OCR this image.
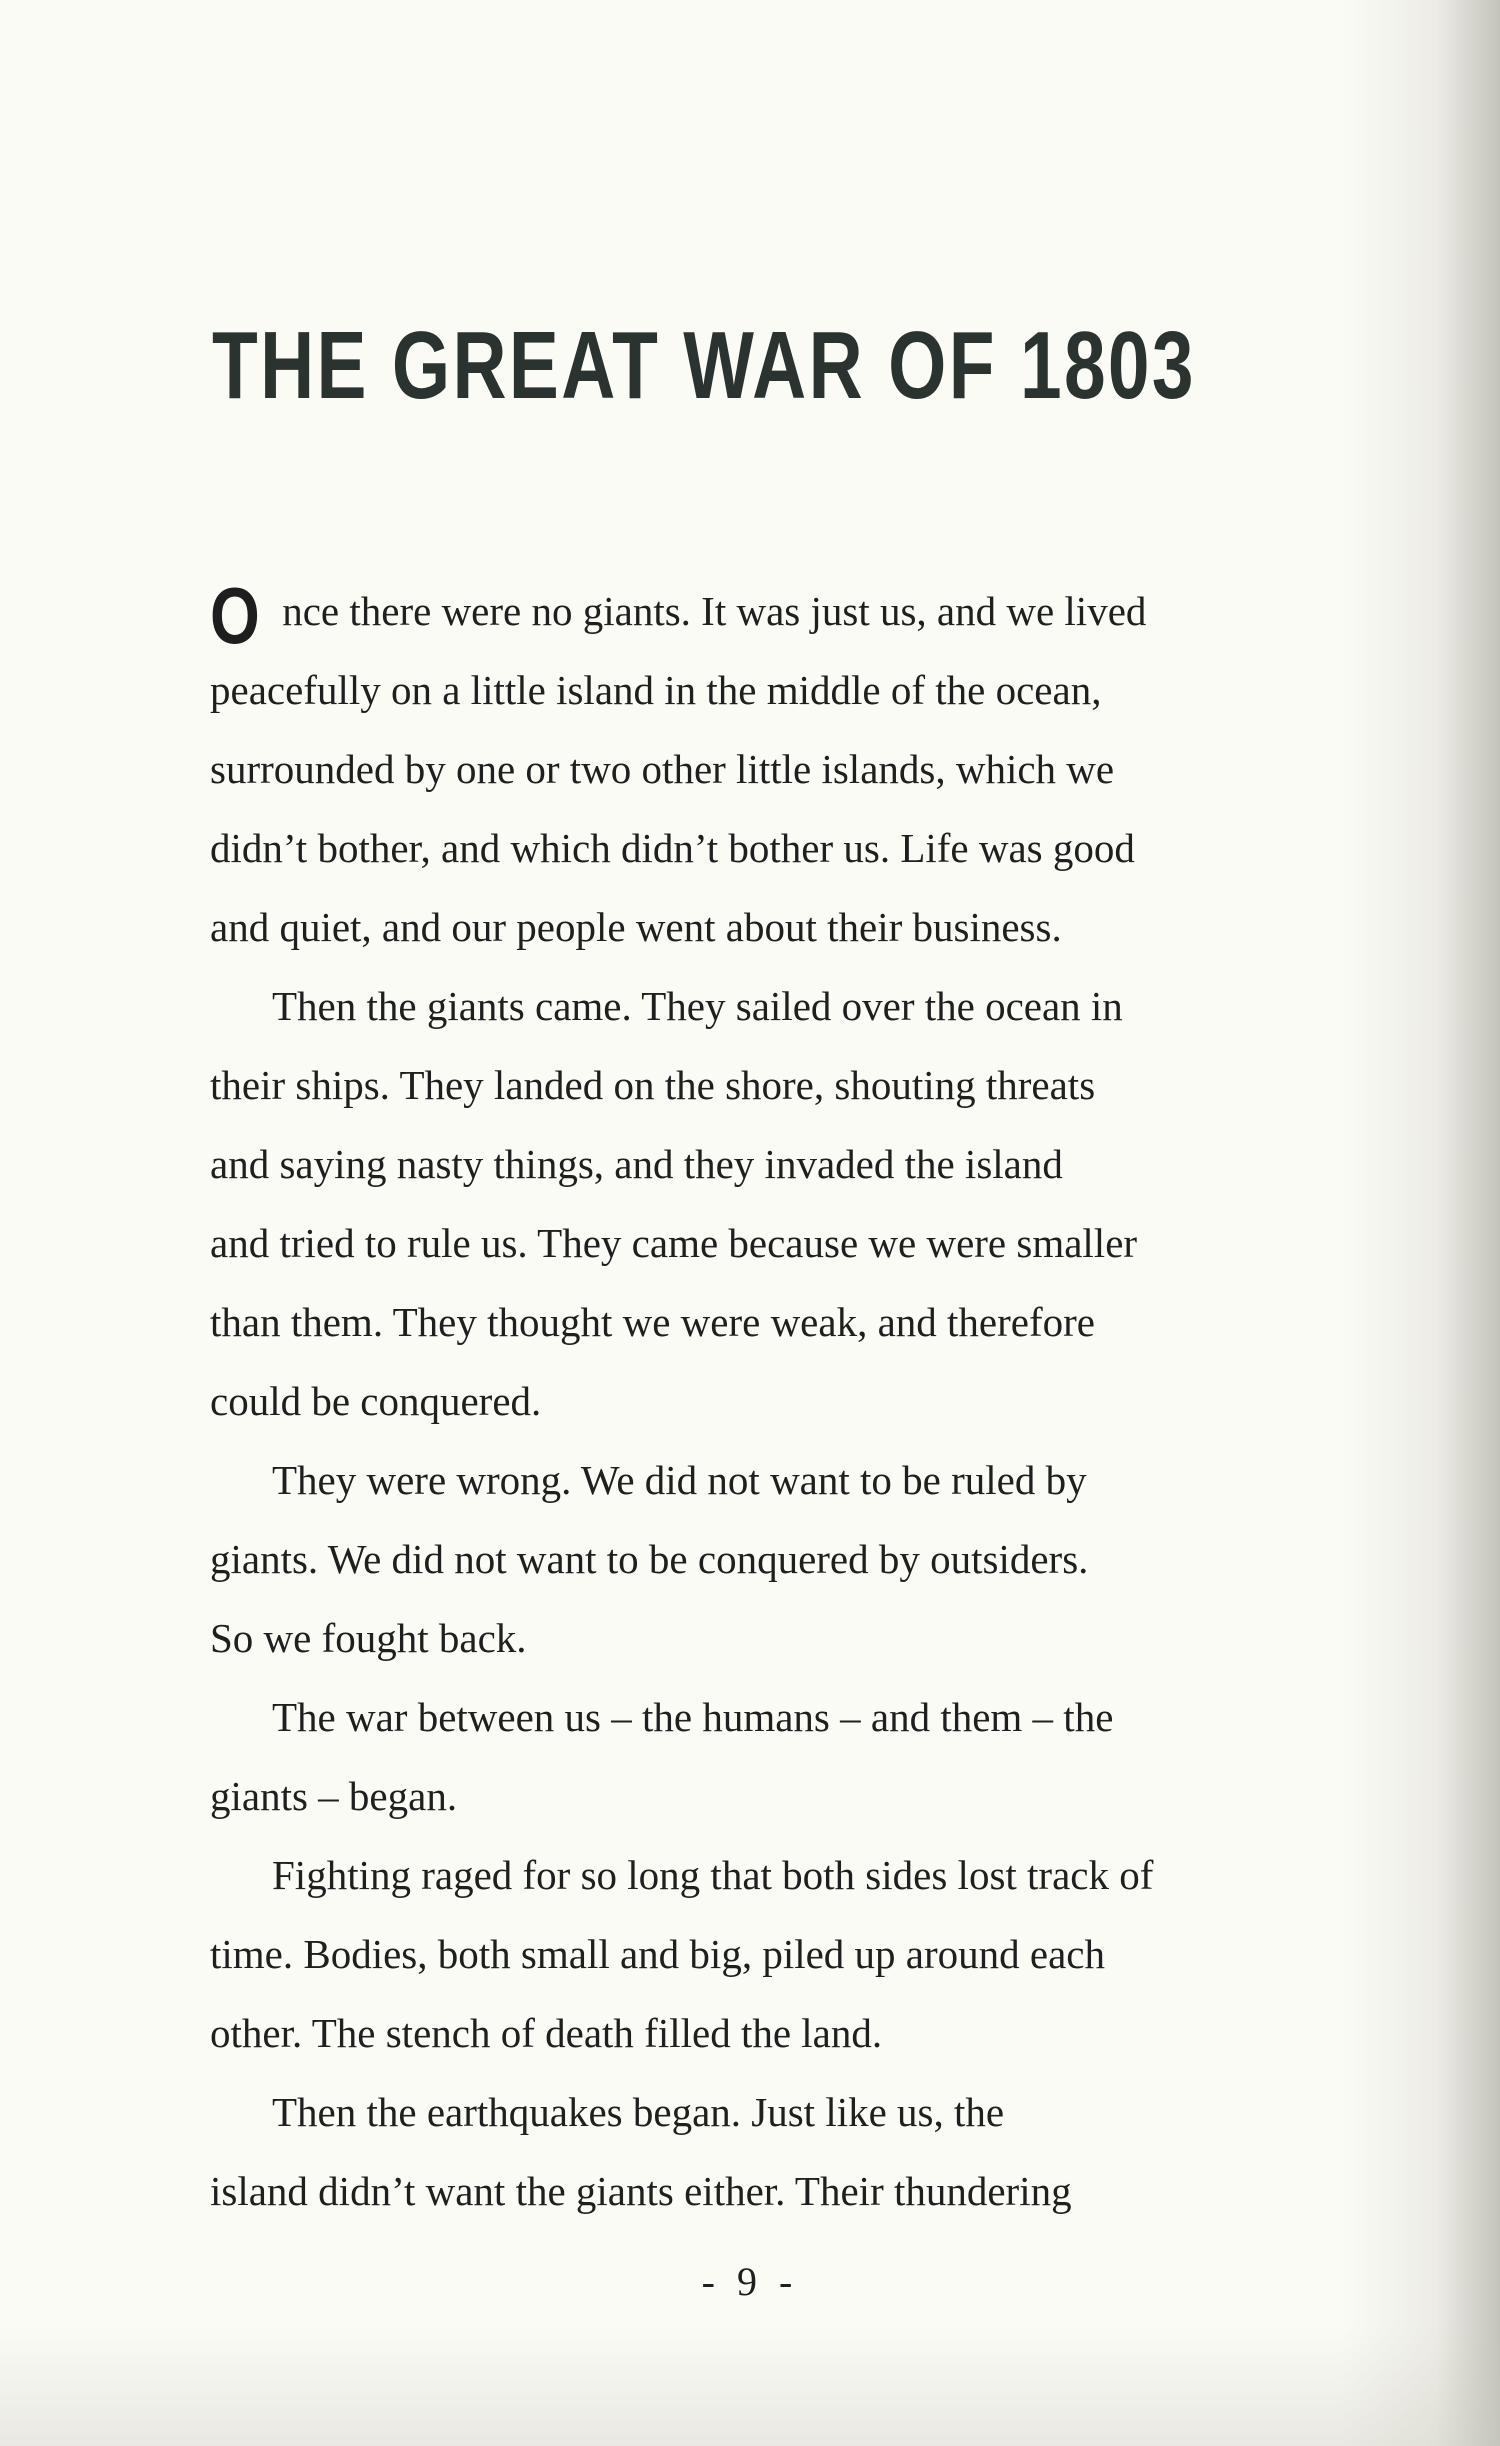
THE GREAT WAR OF 1803

Once there were no giants. It was just us, and we lived
peacefully on a little island in the middle of the ocean,
surrounded by one or two other little islands, which we
didn’t bother, and which didn’t bother us. Life was good
and quiet, and our people went about their business.

Then the giants came. They sailed over the ocean in
their ships. They landed on the shore, shouting threats
and saying nasty things, and they invaded the island
and tried to rule us. They came because we were smaller
than them. They thought we were weak, and therefore
could be conquered.

They were wrong. We did not want to be ruled by
giants. We did not want to be conquered by outsiders.
So we fought back.

The war between us – the humans – and them – the
giants – began.

Fighting raged for so long that both sides lost track of
time. Bodies, both small and big, piled up around each
other. The stench of death filled the land.

Then the earthquakes began. Just like us, the
island didn’t want the giants either. Their thundering

- 9 -
